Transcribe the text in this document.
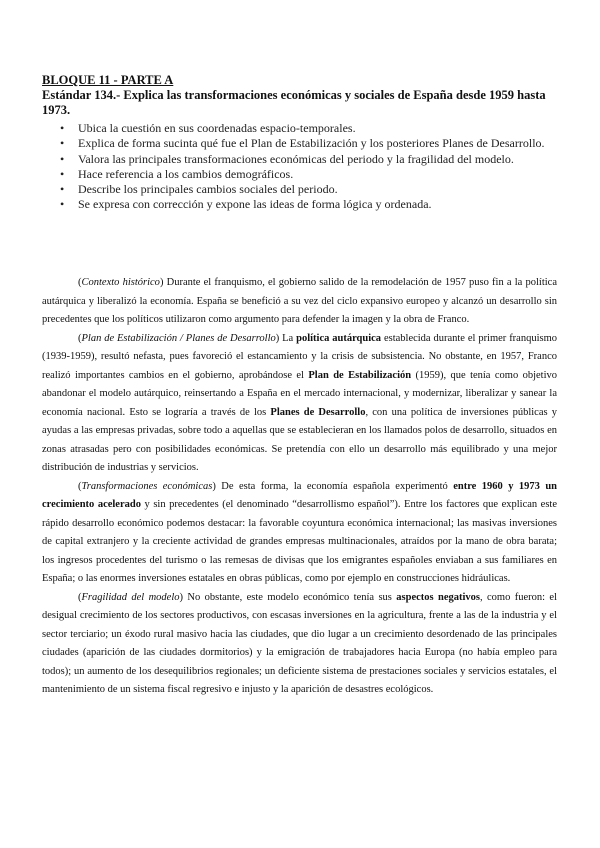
BLOQUE 11 - PARTE A
Estándar 134.- Explica las transformaciones económicas y sociales de España desde 1959 hasta 1973.
• Ubica la cuestión en sus coordenadas espacio-temporales.
• Explica de forma sucinta qué fue el Plan de Estabilización y los posteriores Planes de Desarrollo.
• Valora las principales transformaciones económicas del periodo y la fragilidad del modelo.
• Hace referencia a los cambios demográficos.
• Describe los principales cambios sociales del periodo.
• Se expresa con corrección y expone las ideas de forma lógica y ordenada.

(Contexto histórico) Durante el franquismo, el gobierno salido de la remodelación de 1957 puso fin a la política autárquica y liberalizó la economía. España se benefició a su vez del ciclo expansivo europeo y alcanzó un desarrollo sin precedentes que los políticos utilizaron como argumento para defender la imagen y la obra de Franco.

(Plan de Estabilización / Planes de Desarrollo) La política autárquica establecida durante el primer franquismo (1939-1959), resultó nefasta, pues favoreció el estancamiento y la crisis de subsistencia. No obstante, en 1957, Franco realizó importantes cambios en el gobierno, aprobándose el Plan de Estabilización (1959), que tenía como objetivo abandonar el modelo autárquico, reinsertando a España en el mercado internacional, y modernizar, liberalizar y sanear la economía nacional. Esto se lograría a través de los Planes de Desarrollo, con una política de inversiones públicas y ayudas a las empresas privadas, sobre todo a aquellas que se establecieran en los llamados polos de desarrollo, situados en zonas atrasadas pero con posibilidades económicas. Se pretendía con ello un desarrollo más equilibrado y una mejor distribución de industrias y servicios.

(Transformaciones económicas) De esta forma, la economía española experimentó entre 1960 y 1973 un crecimiento acelerado y sin precedentes (el denominado “desarrollismo español”). Entre los factores que explican este rápido desarrollo económico podemos destacar: la favorable coyuntura económica internacional; las masivas inversiones de capital extranjero y la creciente actividad de grandes empresas multinacionales, atraídos por la mano de obra barata; los ingresos procedentes del turismo o las remesas de divisas que los emigrantes españoles enviaban a sus familiares en España; o las enormes inversiones estatales en obras públicas, como por ejemplo en construcciones hidráulicas.

(Fragilidad del modelo) No obstante, este modelo económico tenía sus aspectos negativos, como fueron: el desigual crecimiento de los sectores productivos, con escasas inversiones en la agricultura, frente a las de la industria y el sector terciario; un éxodo rural masivo hacia las ciudades, que dio lugar a un crecimiento desordenado de las principales ciudades (aparición de las ciudades dormitorios) y la emigración de trabajadores hacia Europa (no había empleo para todos); un aumento de los desequilibrios regionales; un deficiente sistema de prestaciones sociales y servicios estatales, el mantenimiento de un sistema fiscal regresivo e injusto y la aparición de desastres ecológicos.
